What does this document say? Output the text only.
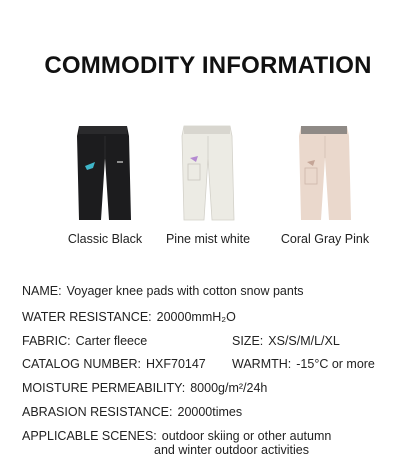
COMMODITY INFORMATION
Classic Black	Pine mist white	Coral Gray Pink
NAME: Voyager knee pads with cotton snow pants
WATER RESISTANCE: 20000mmH₂O
FABRIC: Carter fleece	SIZE: XS/S/M/L/XL
CATALOG NUMBER: HXF70147 WARMTH: -15°C or more
MOISTURE PERMEABILITY: 8000g/m²/24h
ABRASION RESISTANCE: 20000times
APPLICABLE SCENES: outdoor skiing or other autumn
and winter outdoor activities
